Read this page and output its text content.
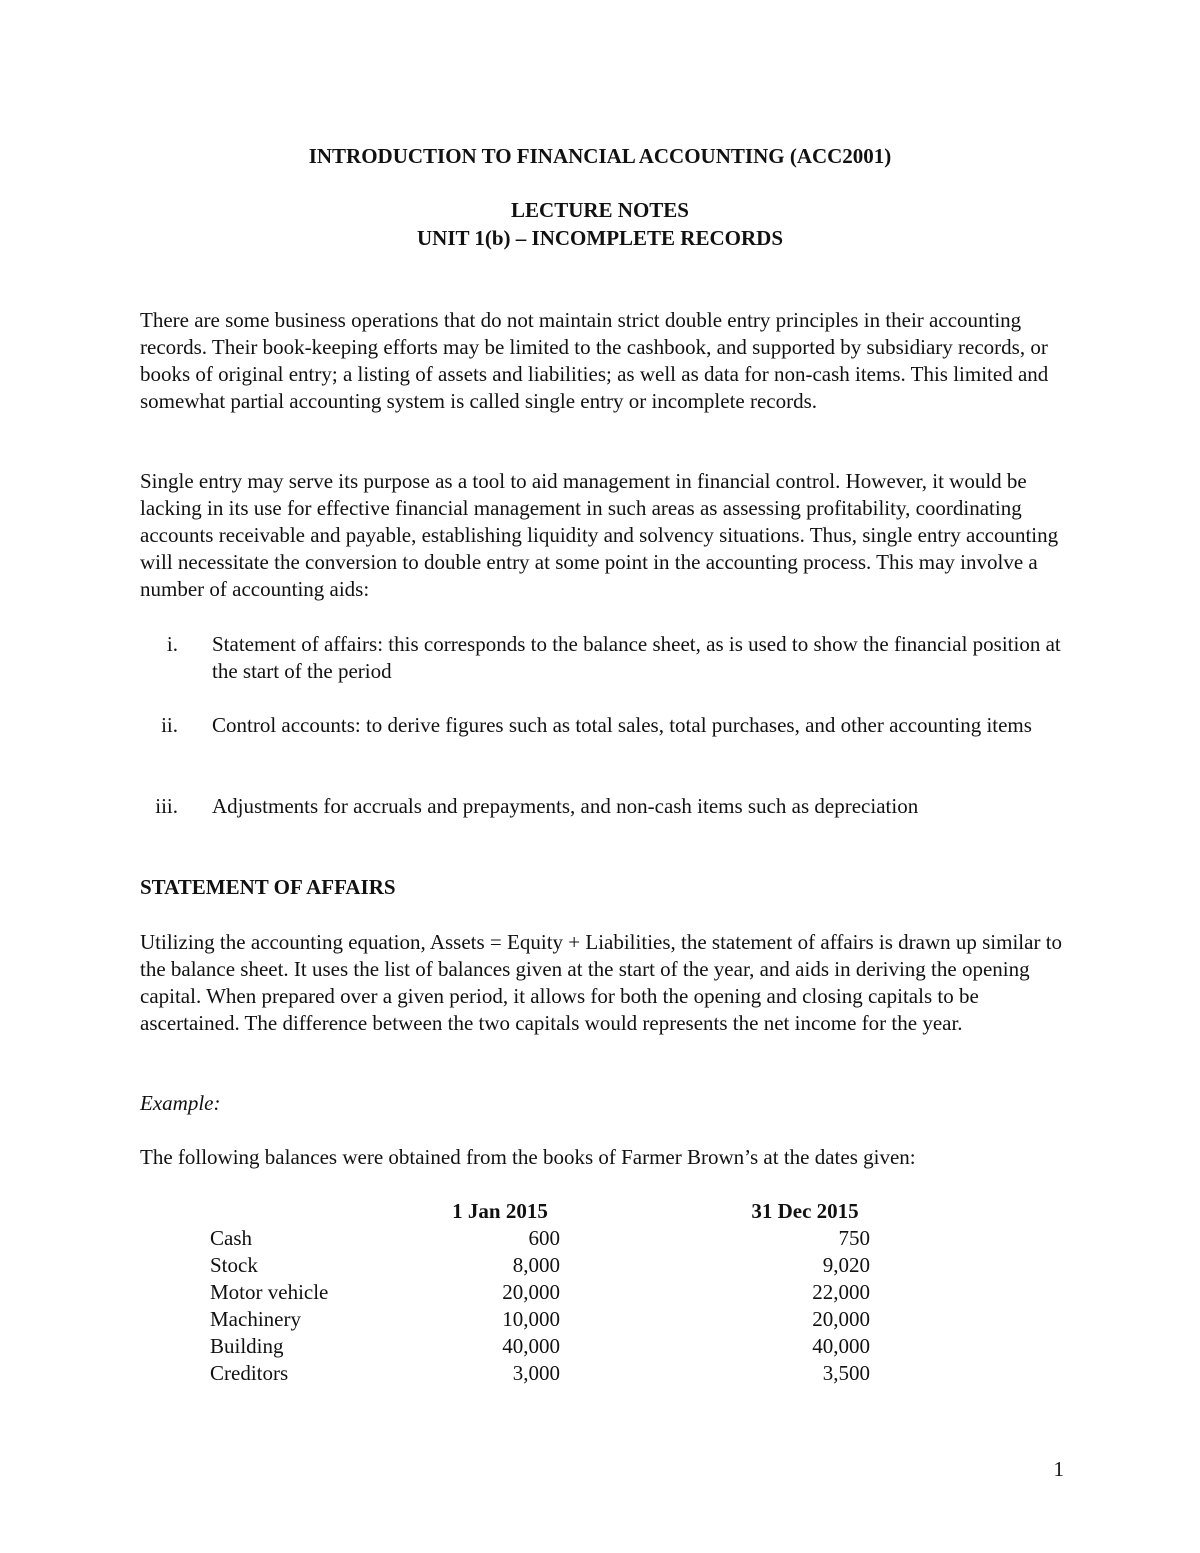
INTRODUCTION TO FINANCIAL ACCOUNTING (ACC2001)

LECTURE NOTES

UNIT 1(b) – INCOMPLETE RECORDS

There are some business operations that do not maintain strict double entry principles in their accounting records. Their book-keeping efforts may be limited to the cashbook, and supported by subsidiary records, or books of original entry; a listing of assets and liabilities; as well as data for non-cash items. This limited and somewhat partial accounting system is called single entry or incomplete records.

Single entry may serve its purpose as a tool to aid management in financial control. However, it would be lacking in its use for effective financial management in such areas as assessing profitability, coordinating accounts receivable and payable, establishing liquidity and solvency situations. Thus, single entry accounting will necessitate the conversion to double entry at some point in the accounting process. This may involve a number of accounting aids:

i. Statement of affairs: this corresponds to the balance sheet, as is used to show the financial position at the start of the period
ii. Control accounts: to derive figures such as total sales, total purchases, and other accounting items
iii. Adjustments for accruals and prepayments, and non-cash items such as depreciation

STATEMENT OF AFFAIRS

Utilizing the accounting equation, Assets = Equity + Liabilities, the statement of affairs is drawn up similar to the balance sheet. It uses the list of balances given at the start of the year, and aids in deriving the opening capital. When prepared over a given period, it allows for both the opening and closing capitals to be ascertained. The difference between the two capitals would represents the net income for the year.

Example:

The following balances were obtained from the books of Farmer Brown’s at the dates given:

	1 Jan 2015		31 Dec 2015
Cash	600		750
Stock	8,000		9,020
Motor vehicle	20,000		22,000
Machinery	10,000		20,000
Building	40,000		40,000
Creditors	3,000		3,500
1
